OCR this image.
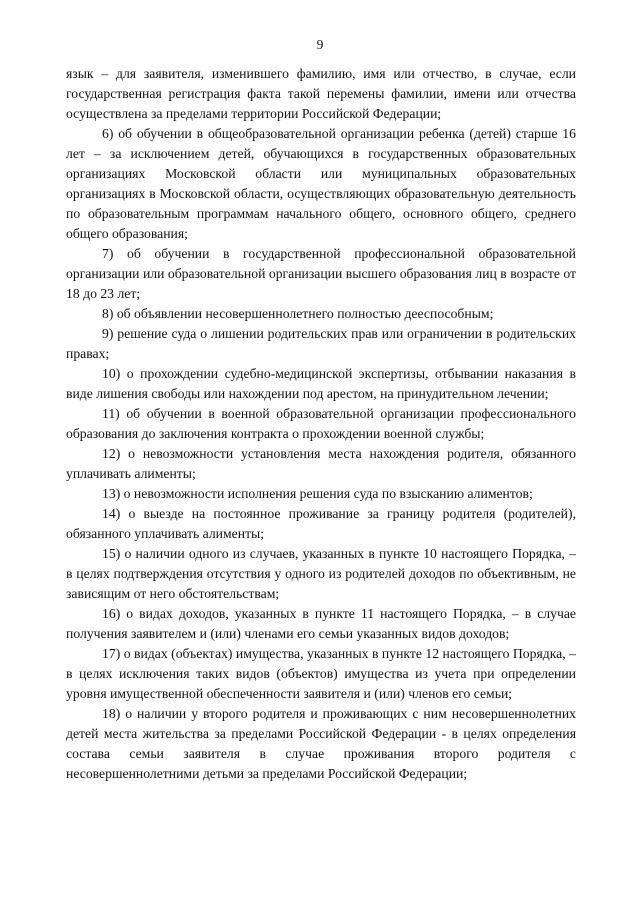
9

язык – для заявителя, изменившего фамилию, имя или отчество, в случае, если государственная регистрация факта такой перемены фамилии, имени или отчества осуществлена за пределами территории Российской Федерации;

6) об обучении в общеобразовательной организации ребенка (детей) старше 16 лет – за исключением детей, обучающихся в государственных образовательных организациях Московской области или муниципальных образовательных организациях в Московской области, осуществляющих образовательную деятельность по образовательным программам начального общего, основного общего, среднего общего образования;

7) об обучении в государственной профессиональной образовательной организации или образовательной организации высшего образования лиц в возрасте от 18 до 23 лет;

8) об объявлении несовершеннолетнего полностью дееспособным;

9) решение суда о лишении родительских прав или ограничении в родительских правах;

10) о прохождении судебно-медицинской экспертизы, отбывании наказания в виде лишения свободы или нахождении под арестом, на принудительном лечении;

11) об обучении в военной образовательной организации профессионального образования до заключения контракта о прохождении военной службы;

12) о невозможности установления места нахождения родителя, обязанного уплачивать алименты;

13) о невозможности исполнения решения суда по взысканию алиментов;

14) о выезде на постоянное проживание за границу родителя (родителей), обязанного уплачивать алименты;

15) о наличии одного из случаев, указанных в пункте 10 настоящего Порядка, – в целях подтверждения отсутствия у одного из родителей доходов по объективным, не зависящим от него обстоятельствам;

16) о видах доходов, указанных в пункте 11 настоящего Порядка, – в случае получения заявителем и (или) членами его семьи указанных видов доходов;

17) о видах (объектах) имущества, указанных в пункте 12 настоящего Порядка, – в целях исключения таких видов (объектов) имущества из учета при определении уровня имущественной обеспеченности заявителя и (или) членов его семьи;

18) о наличии у второго родителя и проживающих с ним несовершеннолетних детей места жительства за пределами Российской Федерации - в целях определения состава семьи заявителя в случае проживания второго родителя с несовершеннолетними детьми за пределами Российской Федерации;
